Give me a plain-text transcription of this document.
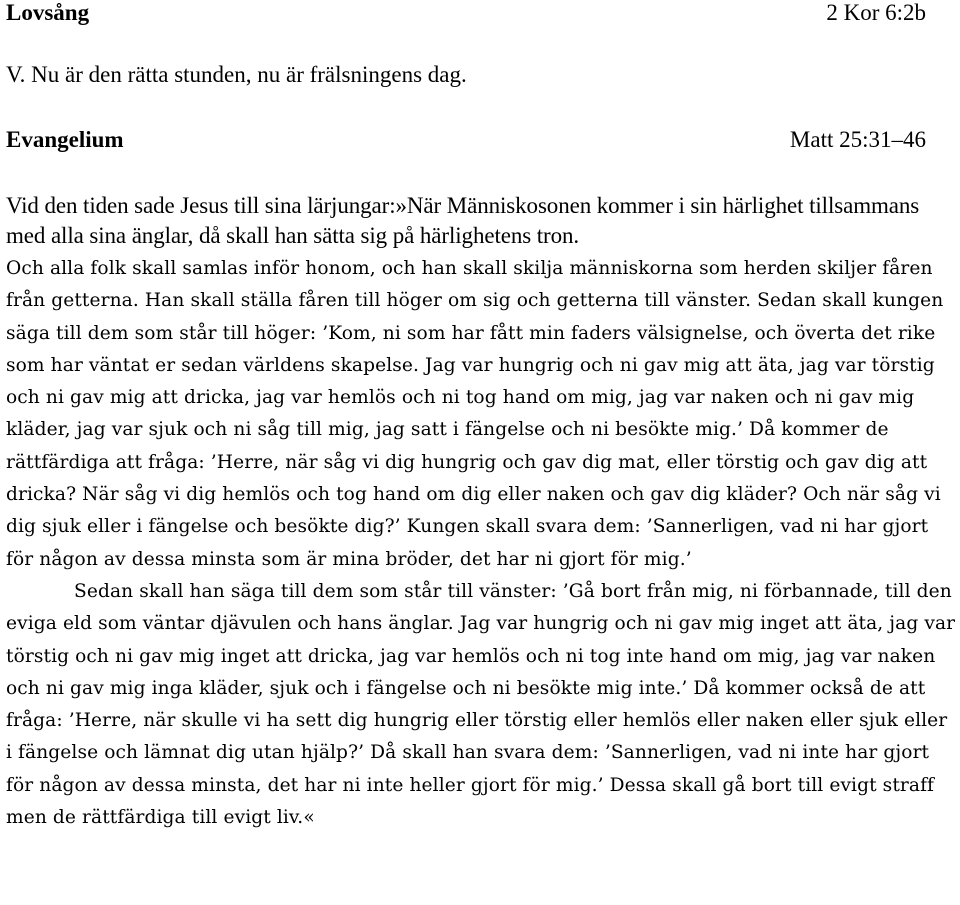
Lovsång	2 Kor 6:2b
V. Nu är den rätta stunden, nu är frälsningens dag.
Evangelium	Matt 25:31–46
Vid den tiden sade Jesus till sina lärjungar:»När Människosonen kommer i sin härlighet tillsammans med alla sina änglar, då skall han sätta sig på härlighetens tron.

Och alla folk skall samlas inför honom, och han skall skilja människorna som herden skiljer fåren från getterna. Han skall ställa fåren till höger om sig och getterna till vänster. Sedan skall kungen säga till dem som står till höger: ’Kom, ni som har fått min faders välsignelse, och överta det rike som har väntat er sedan världens skapelse. Jag var hungrig och ni gav mig att äta, jag var törstig och ni gav mig att dricka, jag var hemlös och ni tog hand om mig, jag var naken och ni gav mig kläder, jag var sjuk och ni såg till mig, jag satt i fängelse och ni besökte mig.’ Då kommer de rättfärdiga att fråga: ’Herre, när såg vi dig hungrig och gav dig mat, eller törstig och gav dig att dricka? När såg vi dig hemlös och tog hand om dig eller naken och gav dig kläder? Och när såg vi dig sjuk eller i fängelse och besökte dig?’ Kungen skall svara dem: ’Sannerligen, vad ni har gjort för någon av dessa minsta som är mina bröder, det har ni gjort för mig.’

Sedan skall han säga till dem som står till vänster: ’Gå bort från mig, ni förbannade, till den eviga eld som väntar djävulen och hans änglar. Jag var hungrig och ni gav mig inget att äta, jag var törstig och ni gav mig inget att dricka, jag var hemlös och ni tog inte hand om mig, jag var naken och ni gav mig inga kläder, sjuk och i fängelse och ni besökte mig inte.’ Då kommer också de att fråga: ’Herre, när skulle vi ha sett dig hungrig eller törstig eller hemlös eller naken eller sjuk eller i fängelse och lämnat dig utan hjälp?’ Då skall han svara dem: ’Sannerligen, vad ni inte har gjort för någon av dessa minsta, det har ni inte heller gjort för mig.’ Dessa skall gå bort till evigt straff men de rättfärdiga till evigt liv.«
